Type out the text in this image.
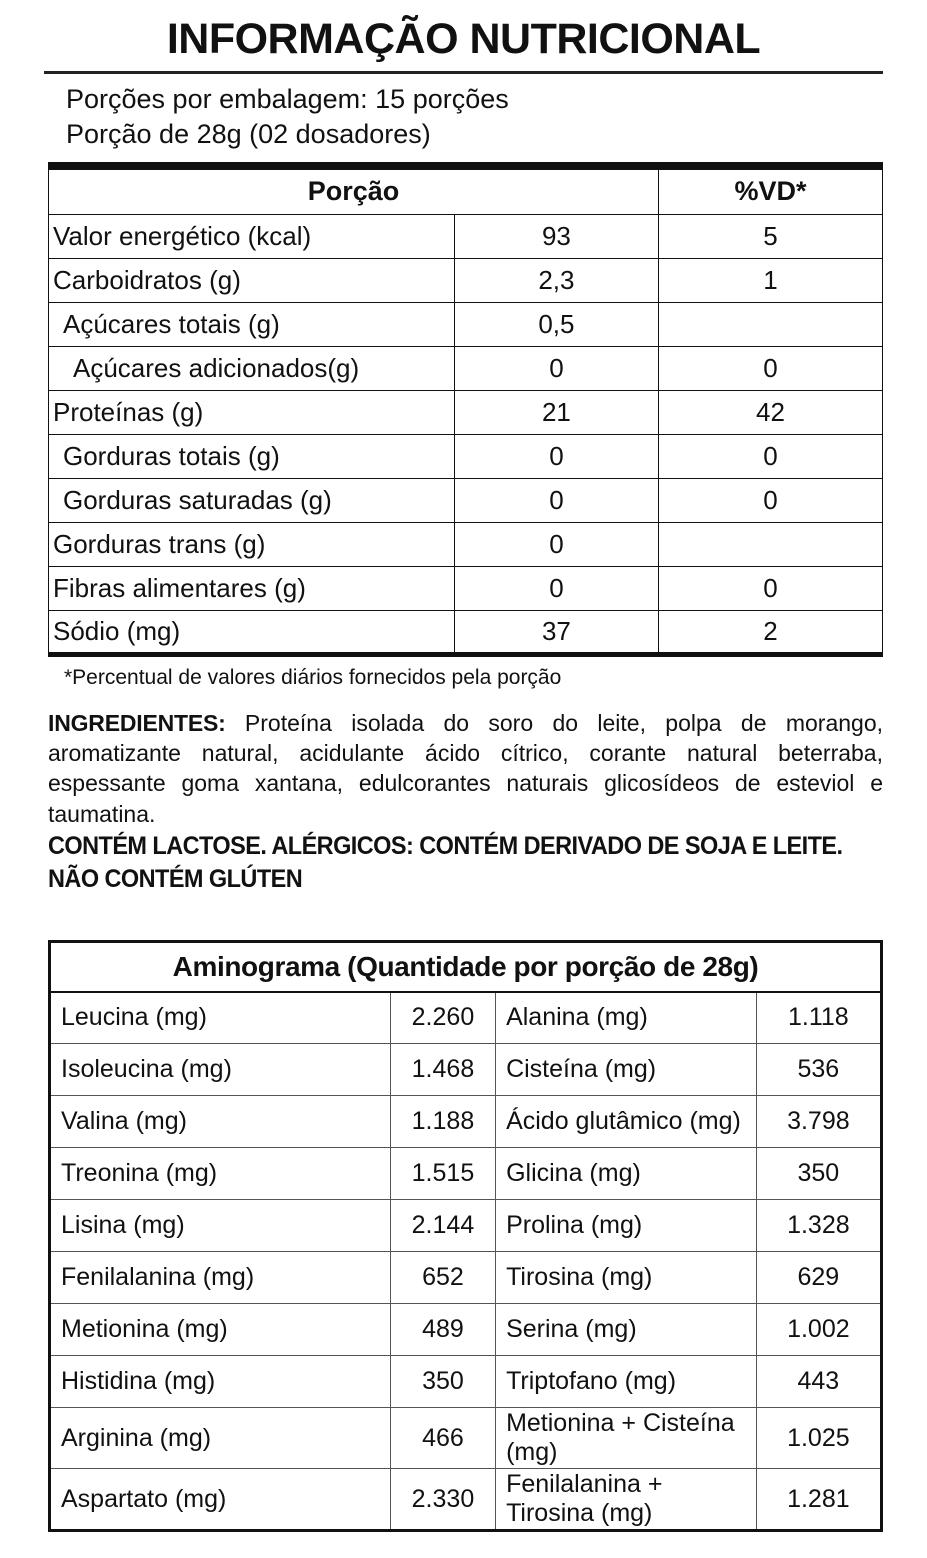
INFORMAÇÃO NUTRICIONAL
Porções por embalagem: 15 porções
Porção de 28g (02 dosadores)
Porção		%VD*
Valor energético (kcal)	93	5
Carboidratos (g)	2,3	1
Açúcares totais (g)	0,5	
Açúcares adicionados(g)	0	0
Proteínas (g)	21	42
Gorduras totais (g)	0	0
Gorduras saturadas (g)	0	0
Gorduras trans (g)	0	
Fibras alimentares (g)	0	0
Sódio (mg)	37	2
*Percentual de valores diários fornecidos pela porção

INGREDIENTES: Proteína isolada do soro do leite, polpa de morango, aromatizante natural, acidulante ácido cítrico, corante natural beterraba, espessante goma xantana, edulcorantes naturais glicosídeos de esteviol e taumatina.

CONTÉM LACTOSE. ALÉRGICOS: CONTÉM DERIVADO DE SOJA E LEITE.
NÃO CONTÉM GLÚTEN
Aminograma (Quantidade por porção de 28g)			
Leucina (mg)	2.260	Alanina (mg)	1.118
Isoleucina (mg)	1.468	Cisteína (mg)	536
Valina (mg)	1.188	Ácido glutâmico (mg)	3.798
Treonina (mg)	1.515	Glicina (mg)	350
Lisina (mg)	2.144	Prolina (mg)	1.328
Fenilalanina (mg)	652	Tirosina (mg)	629
Metionina (mg)	489	Serina (mg)	1.002
Histidina (mg)	350	Triptofano (mg)	443
Arginina (mg)	466	Metionina + Cisteína (mg)	1.025
Aspartato (mg)	2.330	Fenilalanina + Tirosina (mg)	1.281
